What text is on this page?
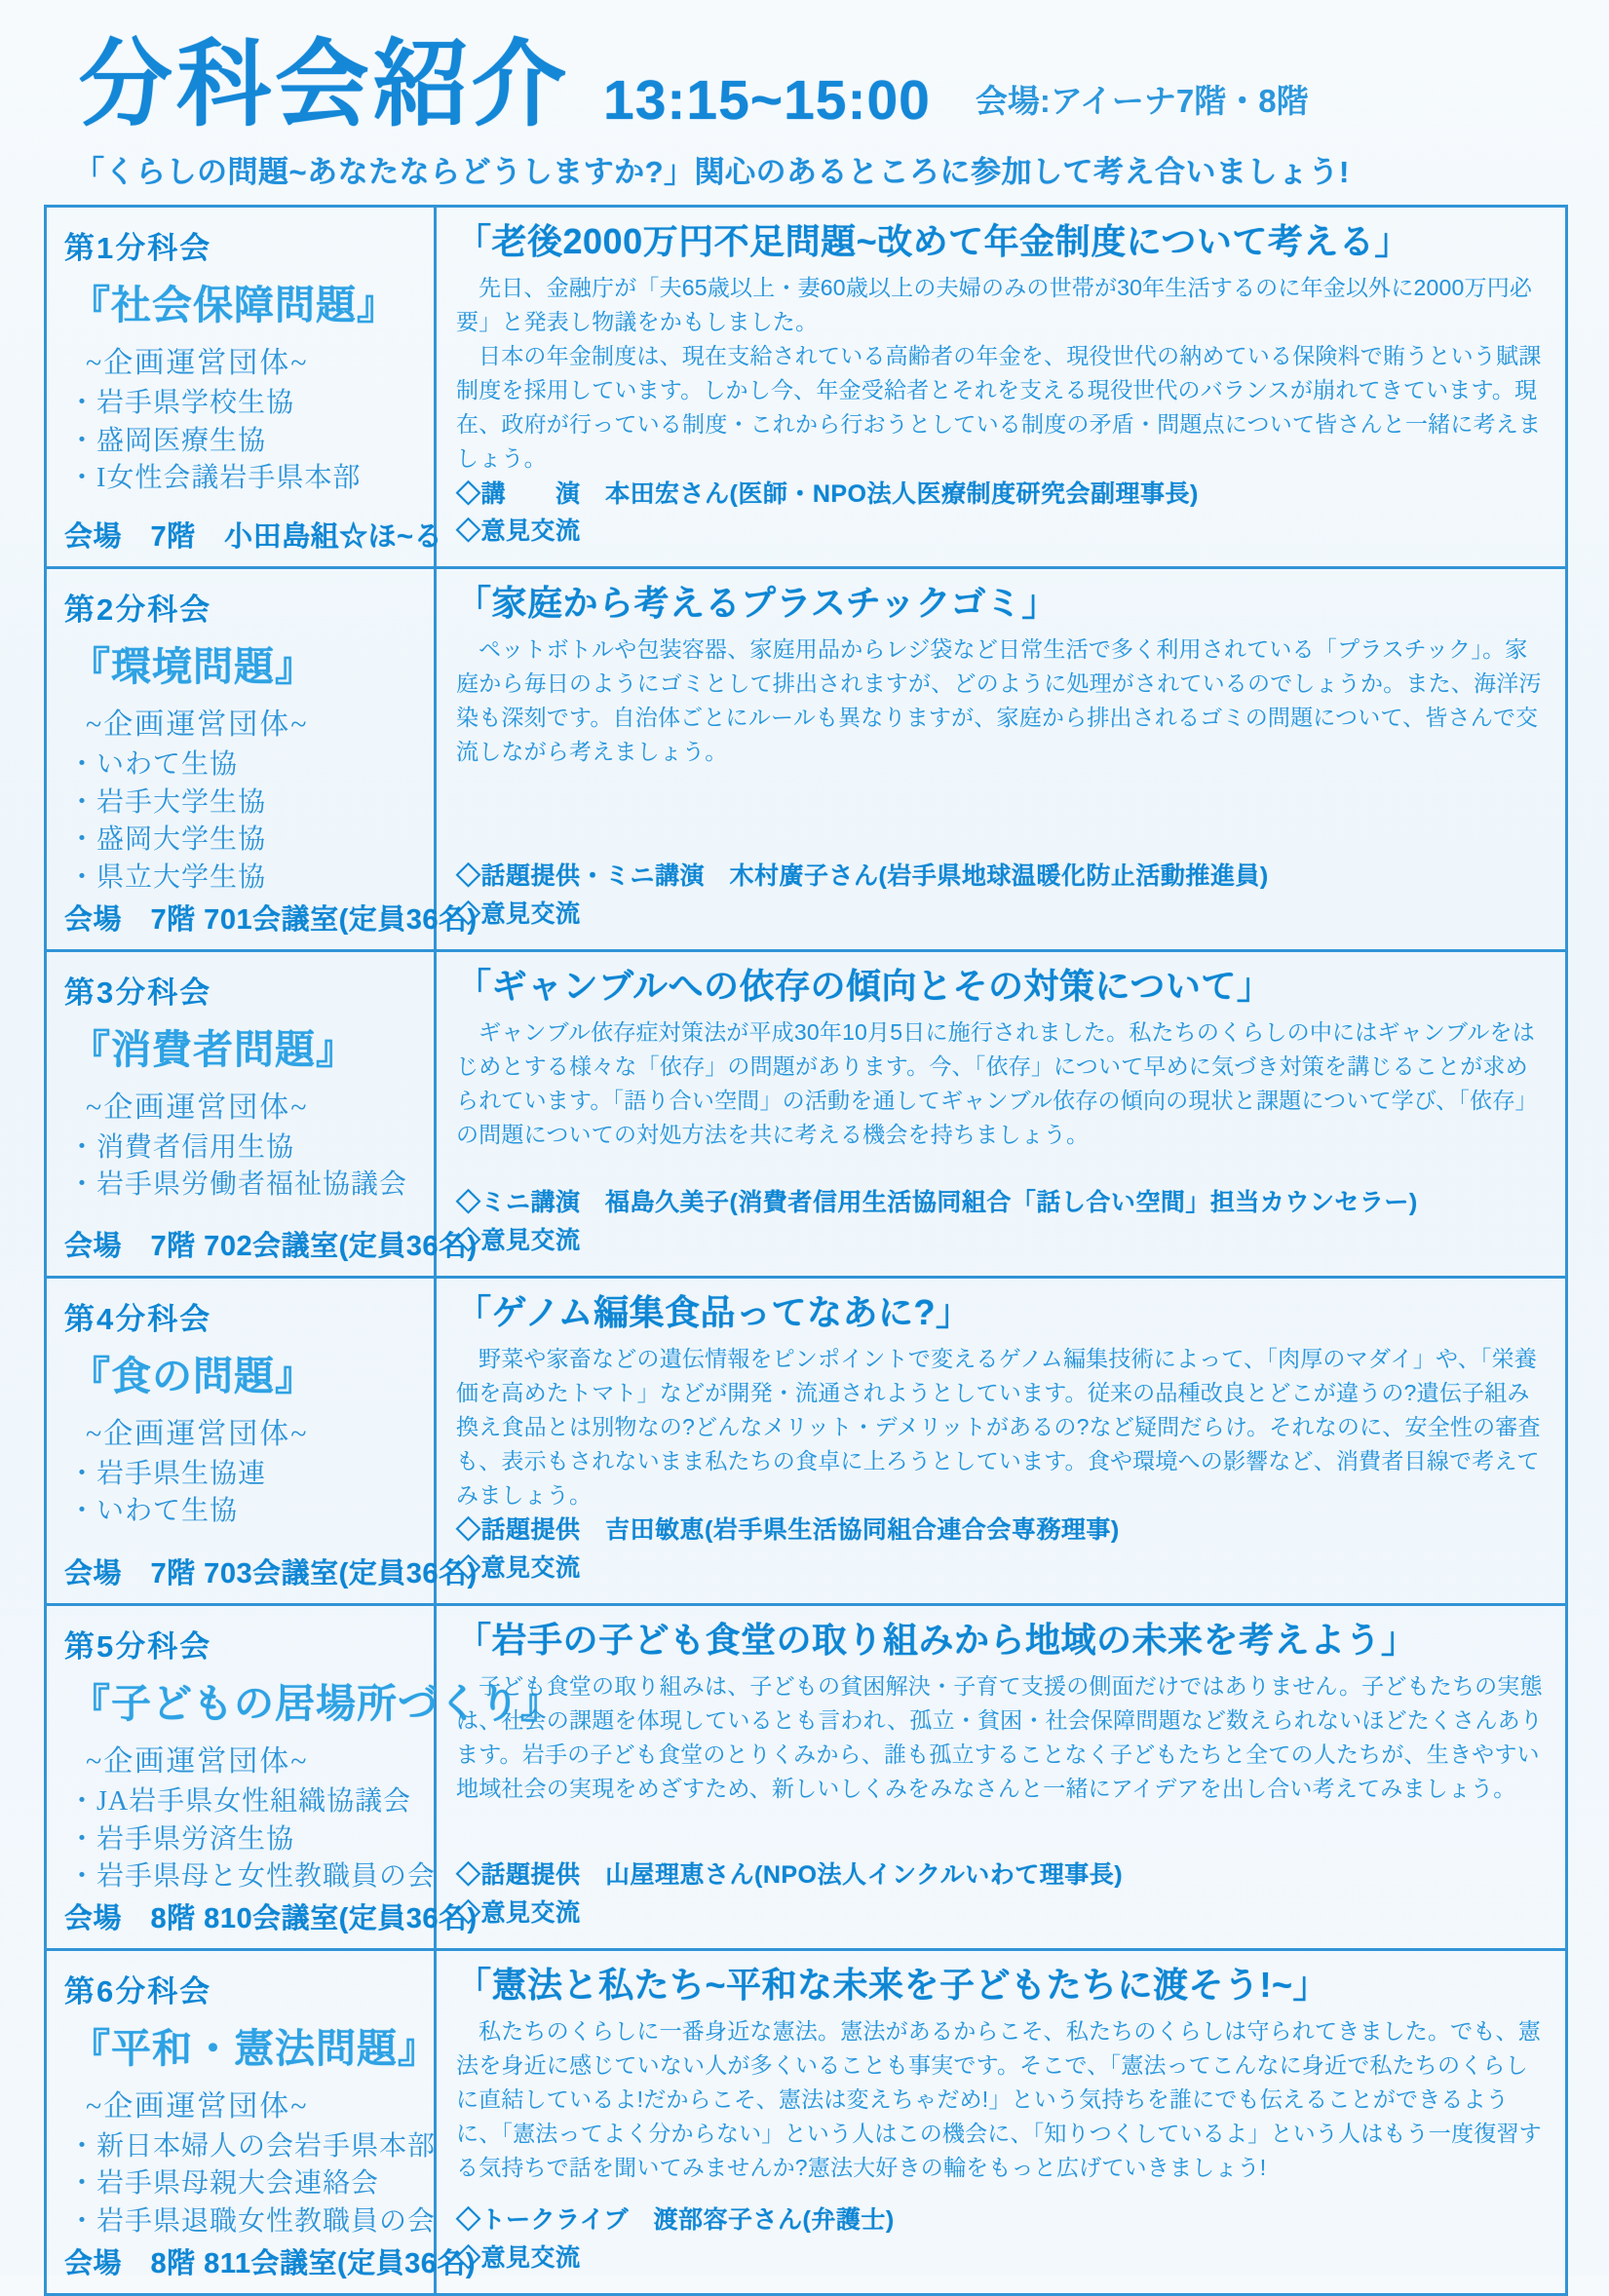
分科会紹介 13:15~15:00 会場:アイーナ7階・8階
「くらしの問題~あなたならどうしますか?」関心のあるところに参加して考え合いましょう!
第1分科会
『社会保障問題』
~企画運営団体~
・岩手県学校生協
・盛岡医療生協
・I女性会議岩手県本部
会場　7階　小田島組☆ほ~る
「老後2000万円不足問題~改めて年金制度について考える」
先日、金融庁が「夫65歳以上・妻60歳以上の夫婦のみの世帯が30年生活するのに年金以外に2000万円必要」と発表し物議をかもしました。
日本の年金制度は、現在支給されている高齢者の年金を、現役世代の納めている保険料で賄うという賦課制度を採用しています。しかし今、年金受給者とそれを支える現役世代のバランスが崩れてきています。現在、政府が行っている制度・これから行おうとしている制度の矛盾・問題点について皆さんと一緒に考えましょう。
◇講　　演　本田宏さん(医師・NPO法人医療制度研究会副理事長)
◇意見交流
第2分科会
『環境問題』
~企画運営団体~
・いわて生協
・岩手大学生協
・盛岡大学生協
・県立大学生協
会場　7階 701会議室(定員36名)
「家庭から考えるプラスチックゴミ」
ペットボトルや包装容器、家庭用品からレジ袋など日常生活で多く利用されている「プラスチック」。家庭から毎日のようにゴミとして排出されますが、どのように処理がされているのでしょうか。また、海洋汚染も深刻です。自治体ごとにルールも異なりますが、家庭から排出されるゴミの問題について、皆さんで交流しながら考えましょう。
◇話題提供・ミニ講演　木村廣子さん(岩手県地球温暖化防止活動推進員)
◇意見交流
第3分科会
『消費者問題』
~企画運営団体~
・消費者信用生協
・岩手県労働者福祉協議会
会場　7階 702会議室(定員36名)
「ギャンブルへの依存の傾向とその対策について」
ギャンブル依存症対策法が平成30年10月5日に施行されました。私たちのくらしの中にはギャンブルをはじめとする様々な「依存」の問題があります。今、「依存」について早めに気づき対策を講じることが求められています。「語り合い空間」の活動を通してギャンブル依存の傾向の現状と課題について学び、「依存」の問題についての対処方法を共に考える機会を持ちましょう。
◇ミニ講演　福島久美子(消費者信用生活協同組合「話し合い空間」担当カウンセラー)
◇意見交流
第4分科会
『食の問題』
~企画運営団体~
・岩手県生協連
・いわて生協
会場　7階 703会議室(定員36名)
「ゲノム編集食品ってなあに?」
野菜や家畜などの遺伝情報をピンポイントで変えるゲノム編集技術によって、「肉厚のマダイ」や、「栄養価を高めたトマト」などが開発・流通されようとしています。従来の品種改良とどこが違うの?遺伝子組み換え食品とは別物なの?どんなメリット・デメリットがあるの?など疑問だらけ。それなのに、安全性の審査も、表示もされないまま私たちの食卓に上ろうとしています。食や環境への影響など、消費者目線で考えてみましょう。
◇話題提供　吉田敏恵(岩手県生活協同組合連合会専務理事)
◇意見交流
第5分科会
『子どもの居場所づくり』
~企画運営団体~
・JA岩手県女性組織協議会
・岩手県労済生協
・岩手県母と女性教職員の会
会場　8階 810会議室(定員36名)
「岩手の子ども食堂の取り組みから地域の未来を考えよう」
子ども食堂の取り組みは、子どもの貧困解決・子育て支援の側面だけではありません。子どもたちの実態は、社会の課題を体現しているとも言われ、孤立・貧困・社会保障問題など数えられないほどたくさんあります。岩手の子ども食堂のとりくみから、誰も孤立することなく子どもたちと全ての人たちが、生きやすい地域社会の実現をめざすため、新しいしくみをみなさんと一緒にアイデアを出し合い考えてみましょう。
◇話題提供　山屋理恵さん(NPO法人インクルいわて理事長)
◇意見交流
第6分科会
『平和・憲法問題』
~企画運営団体~
・新日本婦人の会岩手県本部
・岩手県母親大会連絡会
・岩手県退職女性教職員の会
会場　8階 811会議室(定員36名)
「憲法と私たち~平和な未来を子どもたちに渡そう!~」
私たちのくらしに一番身近な憲法。憲法があるからこそ、私たちのくらしは守られてきました。でも、憲法を身近に感じていない人が多くいることも事実です。そこで、「憲法ってこんなに身近で私たちのくらしに直結しているよ!だからこそ、憲法は変えちゃだめ!」という気持ちを誰にでも伝えることができるように、「憲法ってよく分からない」という人はこの機会に、「知りつくしているよ」という人はもう一度復習する気持ちで話を聞いてみませんか?憲法大好きの輪をもっと広げていきましょう!
◇トークライブ　渡部容子さん(弁護士)
◇意見交流
